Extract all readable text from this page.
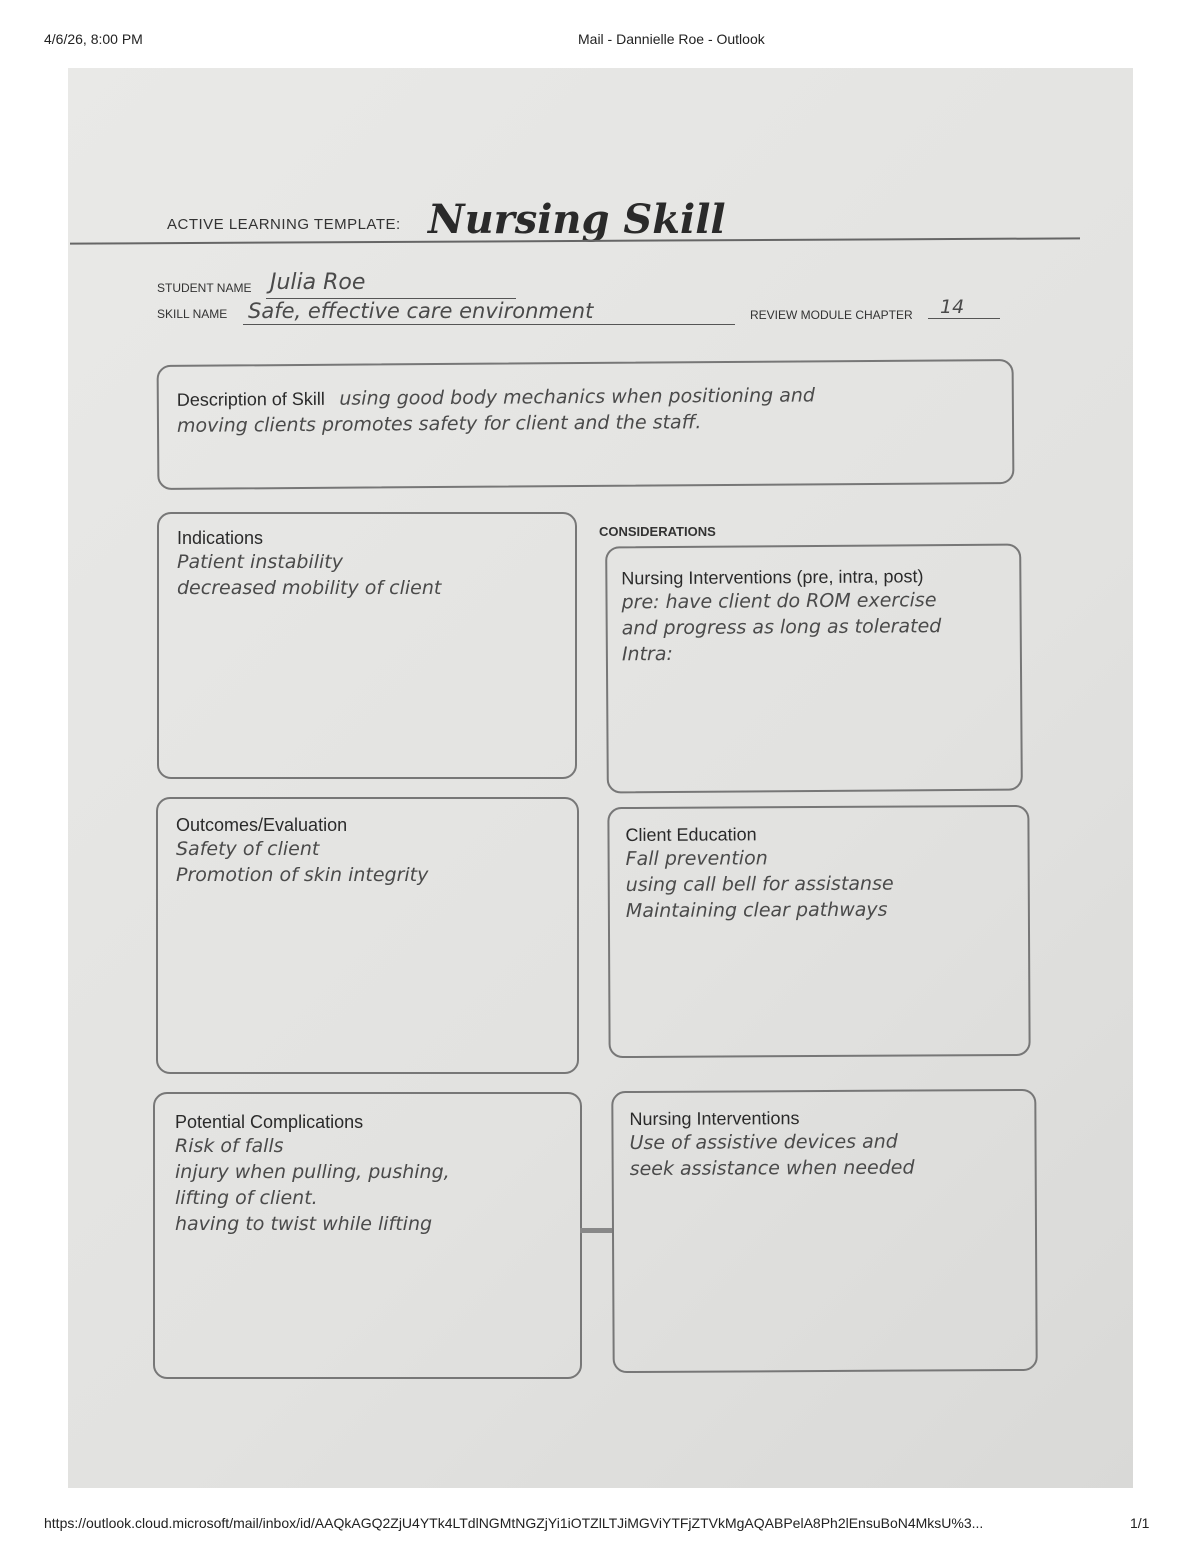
4/6/26, 8:00 PM	Mail - Dannielle Roe - Outlook
ACTIVE LEARNING TEMPLATE: Nursing Skill
STUDENT NAME Julia Roe
SKILL NAME Safe, effective care environment	REVIEW MODULE CHAPTER 14
Description of Skill using good body mechanics when positioning and
moving clients promotes safety for client and the staff.
Indications
Patient instability
decreased mobility of client
CONSIDERATIONS
Nursing Interventions (pre, intra, post)
pre: have client do ROM exercise
and progress as long as tolerated
Intra:
Outcomes/Evaluation
Safety of client
Promotion of skin integrity
Client Education
Fall prevention
using call bell for assistanse
Maintaining clear pathways
Potential Complications
Risk of falls
injury when pulling, pushing,
lifting of client.
having to twist while lifting
Nursing Interventions
Use of assistive devices and
seek assistance when needed
https://outlook.cloud.microsoft/mail/inbox/id/AAQkAGQ2ZjU4YTk4LTdlNGMtNGZjYi1iOTZlLTJiMGViYTFjZTVkMgAQABPelA8Ph2lEnsuBoN4MksU%3...	1/1
